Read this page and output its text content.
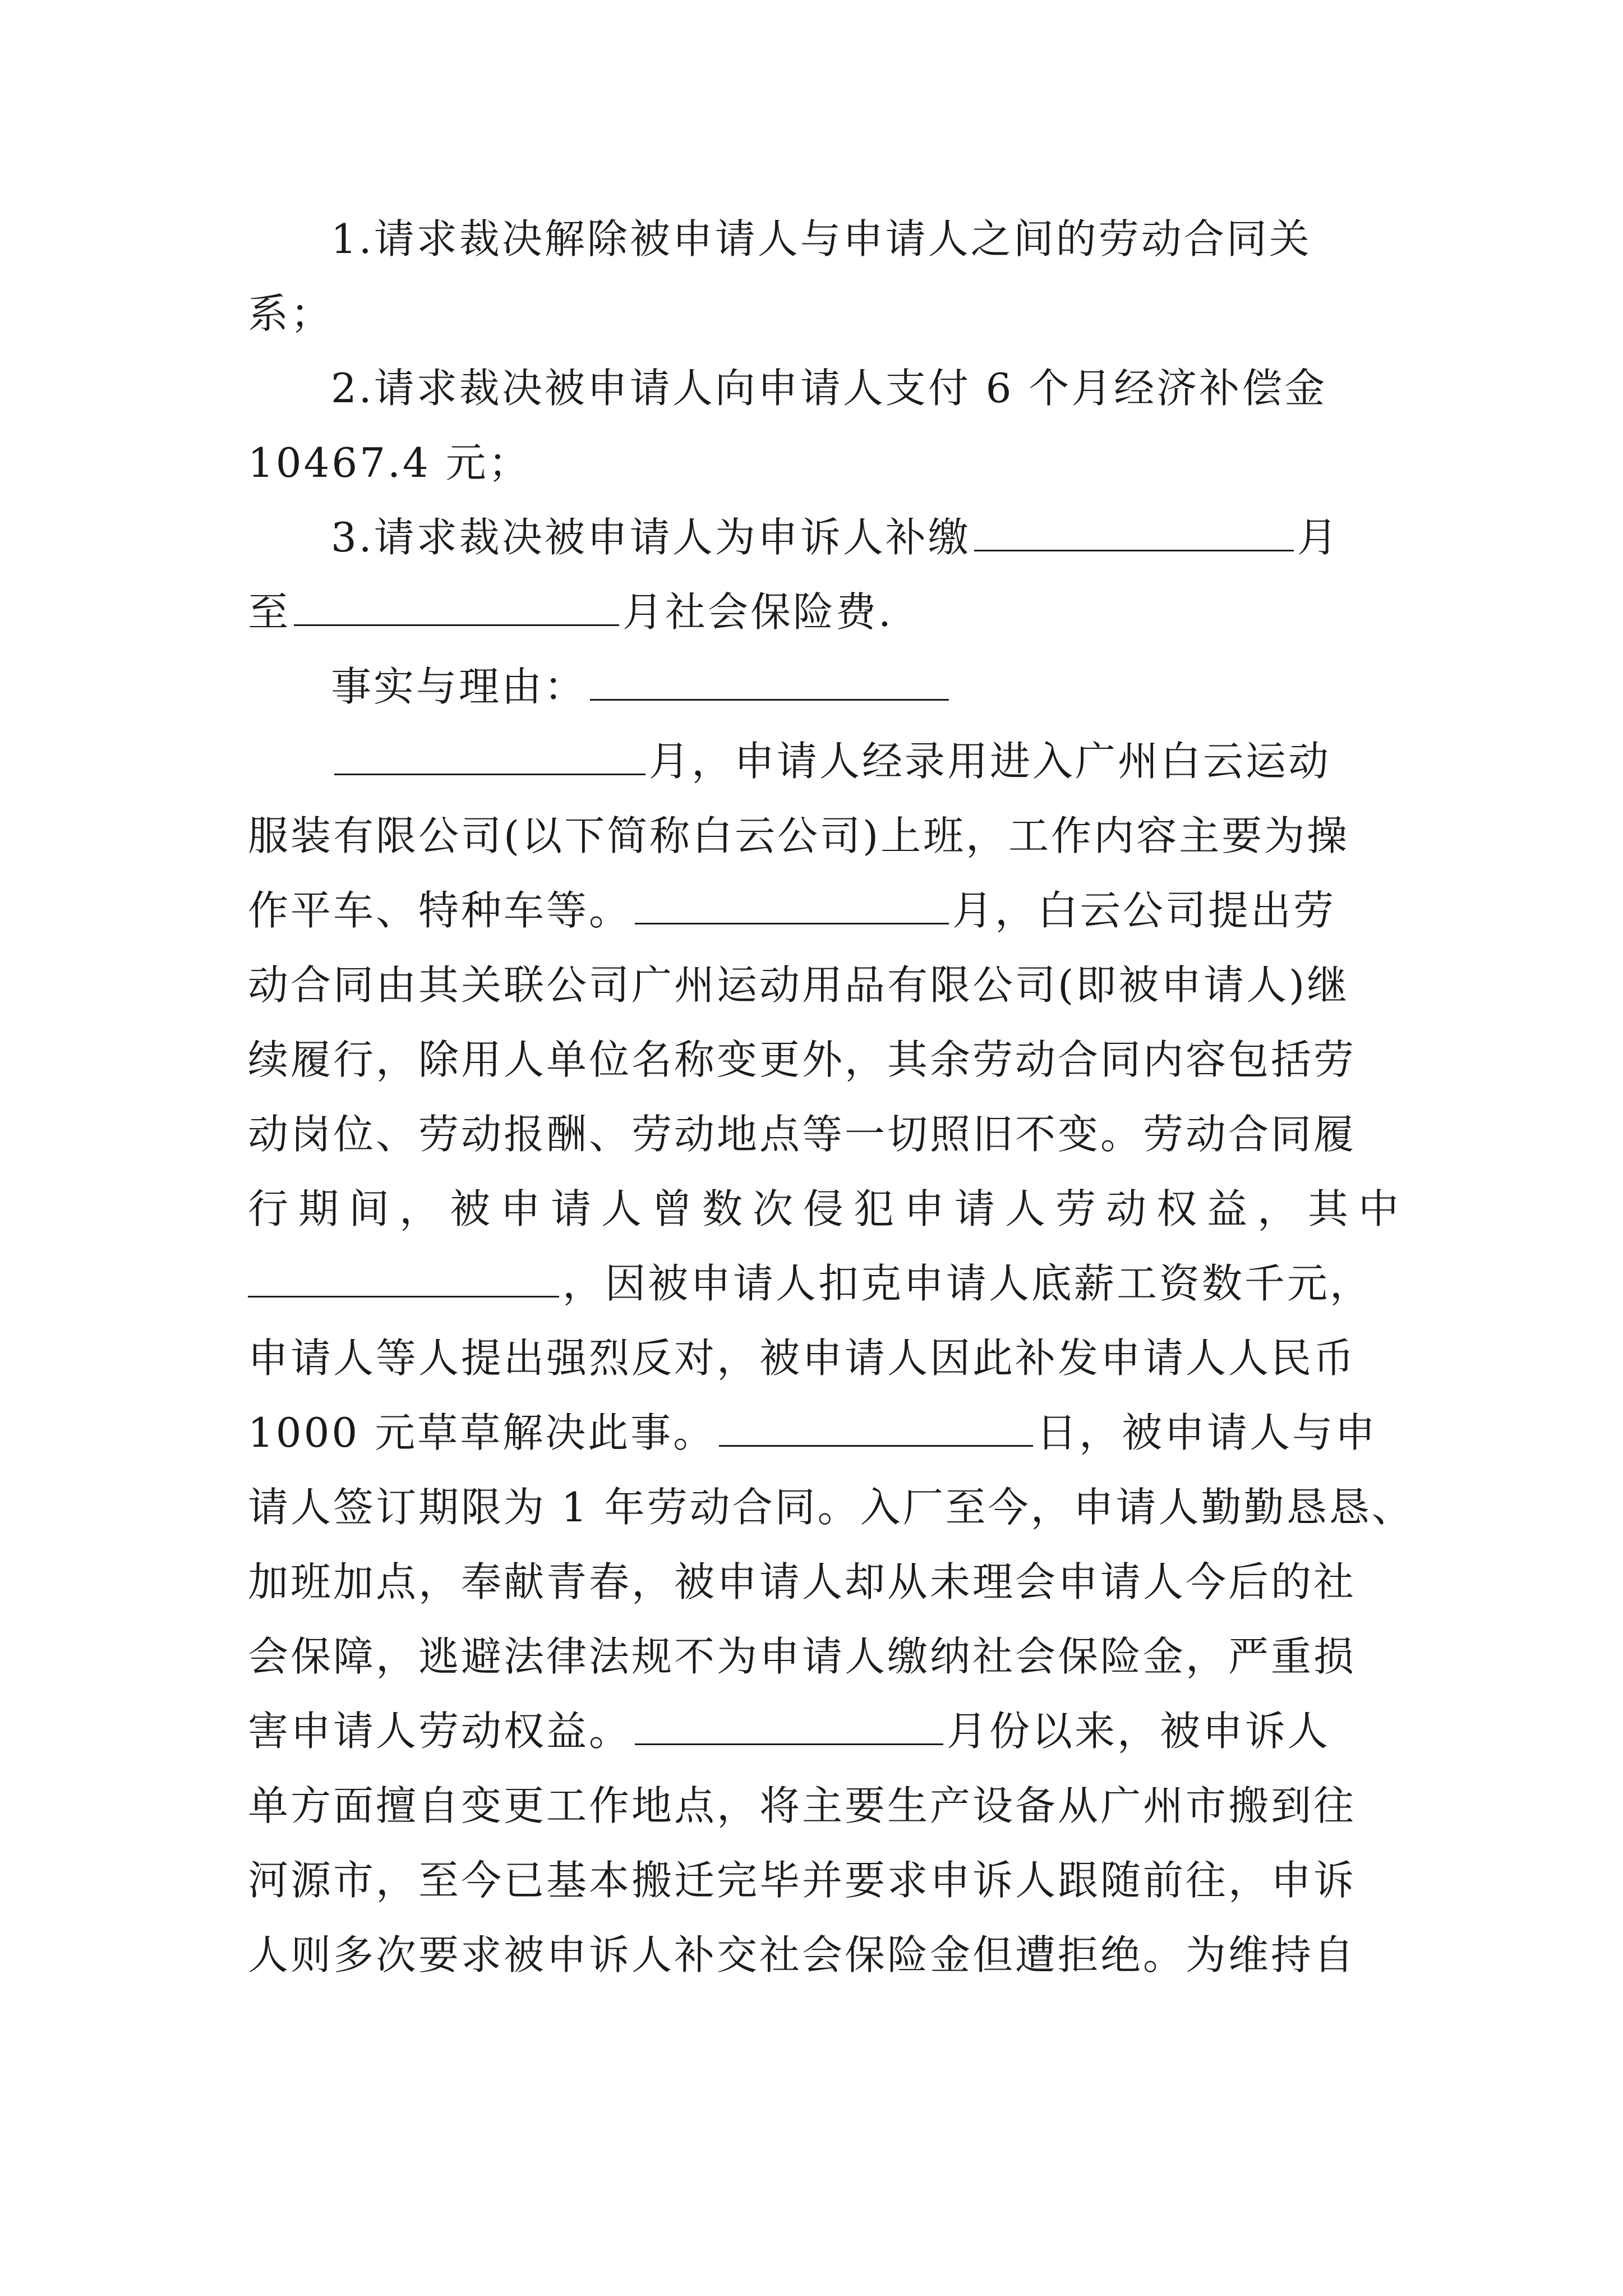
1.请求裁决解除被申请人与申请人之间的劳动合同关
系；
2.请求裁决被申请人向申请人支付 6 个月经济补偿金
10467.4 元；
3.请求裁决被申请人为申诉人补缴	月
至	月社会保险费.
事实与理由：
月，申请人经录用进入广州白云运动
服装有限公司(以下简称白云公司)上班，工作内容主要为操
作平车、特种车等。	月，白云公司提出劳
动合同由其关联公司广州运动用品有限公司(即被申请人)继
续履行，除用人单位名称变更外，其余劳动合同内容包括劳
动岗位、劳动报酬、劳动地点等一切照旧不变。劳动合同履
行期间，被申请人曾数次侵犯申请人劳动权益，其中
，因被申请人扣克申请人底薪工资数千元，
申请人等人提出强烈反对，被申请人因此补发申请人人民币
1000 元草草解决此事。	日，被申请人与申
请人签订期限为 1 年劳动合同。入厂至今，申请人勤勤恳恳、
加班加点，奉献青春，被申请人却从未理会申请人今后的社
会保障，逃避法律法规不为申请人缴纳社会保险金，严重损
害申请人劳动权益。	月份以来，被申诉人
单方面擅自变更工作地点，将主要生产设备从广州市搬到往
河源市，至今已基本搬迁完毕并要求申诉人跟随前往，申诉
人则多次要求被申诉人补交社会保险金但遭拒绝。为维持自
